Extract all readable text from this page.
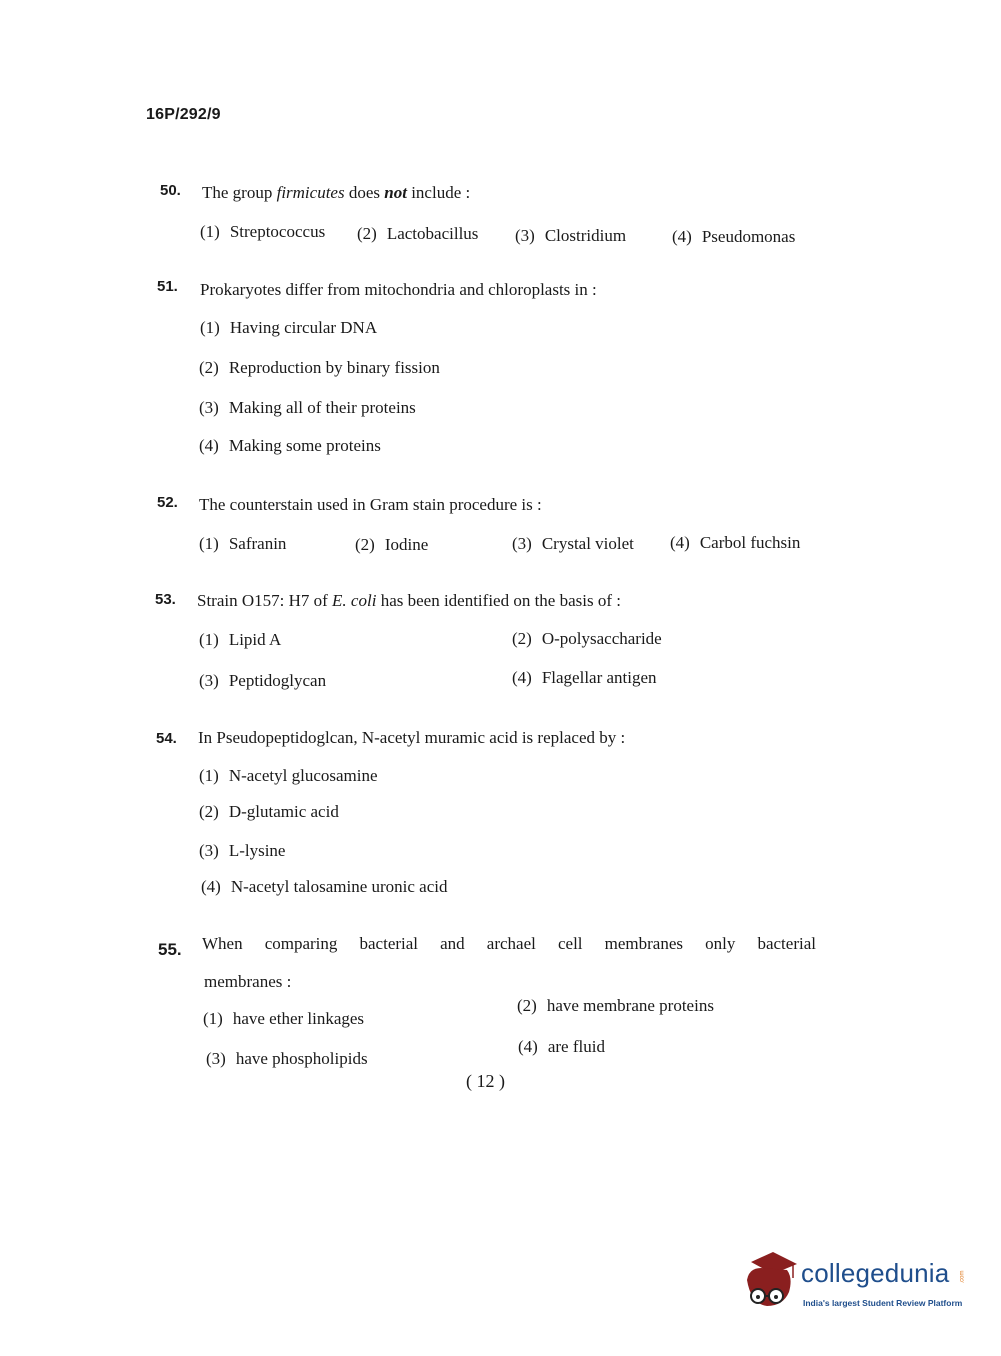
16P/292/9
50. The group firmicutes does not include :
(1) Streptococcus (2) Lactobacillus (3) Clostridium	(4) Pseudomonas
51. Prokaryotes differ from mitochondria and chloroplasts in :
(1) Having circular DNA
(2) Reproduction by binary fission
(3) Making all of their proteins
(4) Making some proteins
52. The counterstain used in Gram stain procedure is :
(1) Safranin	(2) Iodine	(3) Crystal violet (4) Carbol fuchsin
53. Strain O157: H7 of E. coli has been identified on the basis of :
(1) Lipid A	(2) O-polysaccharide
(3) Peptidoglycan	(4) Flagellar antigen
54. In Pseudopeptidoglcan, N-acetyl muramic acid is replaced by :
(1) N-acetyl glucosamine
(2) D-glutamic acid
(3) L-lysine
(4) N-acetyl talosamine uronic acid
55. When comparing bacterial and archael cell membranes only bacterial
membranes :
(1) have ether linkages
(2) have membrane proteins
(3) have phospholipids
(4) are fluid
( 12 )
collegedunia .com
India's largest Student Review Platform
